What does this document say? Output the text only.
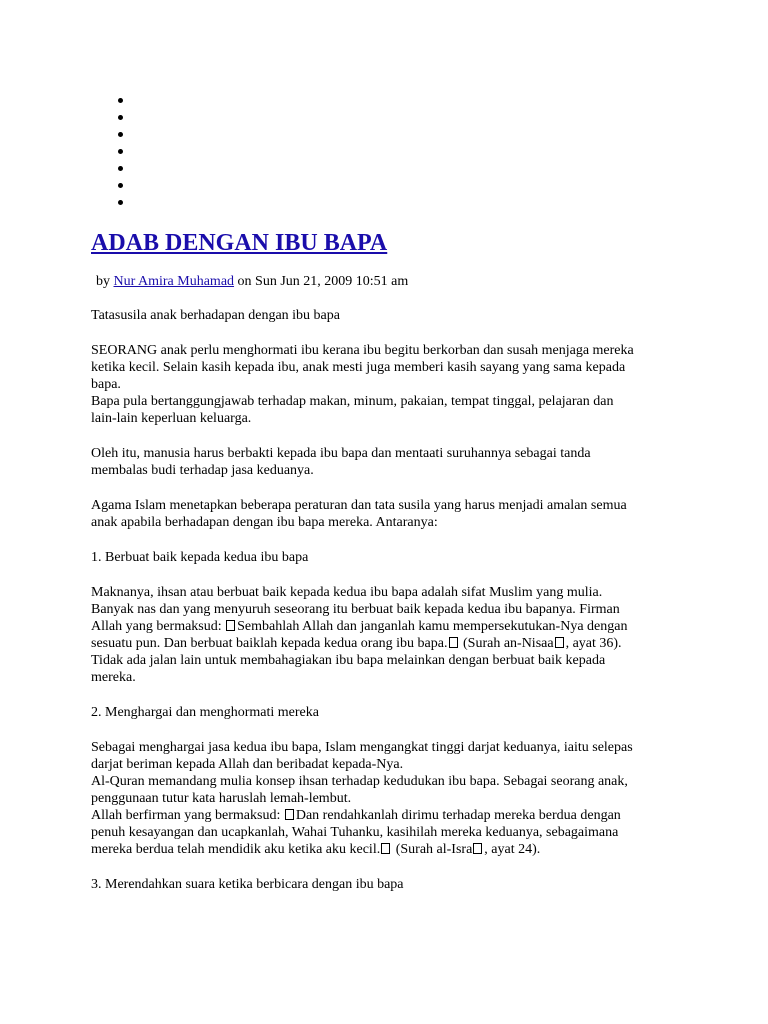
ADAB DENGAN IBU BAPA
by Nur Amira Muhamad on Sun Jun 21, 2009 10:51 am

Tatasusila anak berhadapan dengan ibu bapa

SEORANG anak perlu menghormati ibu kerana ibu begitu berkorban dan susah menjaga mereka
ketika kecil. Selain kasih kepada ibu, anak mesti juga memberi kasih sayang yang sama kepada
bapa.
Bapa pula bertanggungjawab terhadap makan, minum, pakaian, tempat tinggal, pelajaran dan
lain-lain keperluan keluarga.
Oleh itu, manusia harus berbakti kepada ibu bapa dan mentaati suruhannya sebagai tanda
membalas budi terhadap jasa keduanya.
Agama Islam menetapkan beberapa peraturan dan tata susila yang harus menjadi amalan semua
anak apabila berhadapan dengan ibu bapa mereka. Antaranya:
1. Berbuat baik kepada kedua ibu bapa
Maknanya, ihsan atau berbuat baik kepada kedua ibu bapa adalah sifat Muslim yang mulia.
Banyak nas dan yang menyuruh seseorang itu berbuat baik kepada kedua ibu bapanya. Firman
Allah yang bermaksud: Sembahlah Allah dan janganlah kamu mempersekutukan-Nya dengan
sesuatu pun. Dan berbuat baiklah kepada kedua orang ibu bapa. (Surah an-Nisaa , ayat 36).
Tidak ada jalan lain untuk membahagiakan ibu bapa melainkan dengan berbuat baik kepada
mereka.
2. Menghargai dan menghormati mereka
Sebagai menghargai jasa kedua ibu bapa, Islam mengangkat tinggi darjat keduanya, iaitu selepas
darjat beriman kepada Allah dan beribadat kepada-Nya.
Al-Quran memandang mulia konsep ihsan terhadap kedudukan ibu bapa. Sebagai seorang anak,
penggunaan tutur kata haruslah lemah-lembut.
Allah berfirman yang bermaksud: Dan rendahkanlah dirimu terhadap mereka berdua dengan
penuh kesayangan dan ucapkanlah, Wahai Tuhanku, kasihilah mereka keduanya, sebagaimana
mereka berdua telah mendidik aku ketika aku kecil. (Surah al-Isra , ayat 24).
3. Merendahkan suara ketika berbicara dengan ibu bapa
